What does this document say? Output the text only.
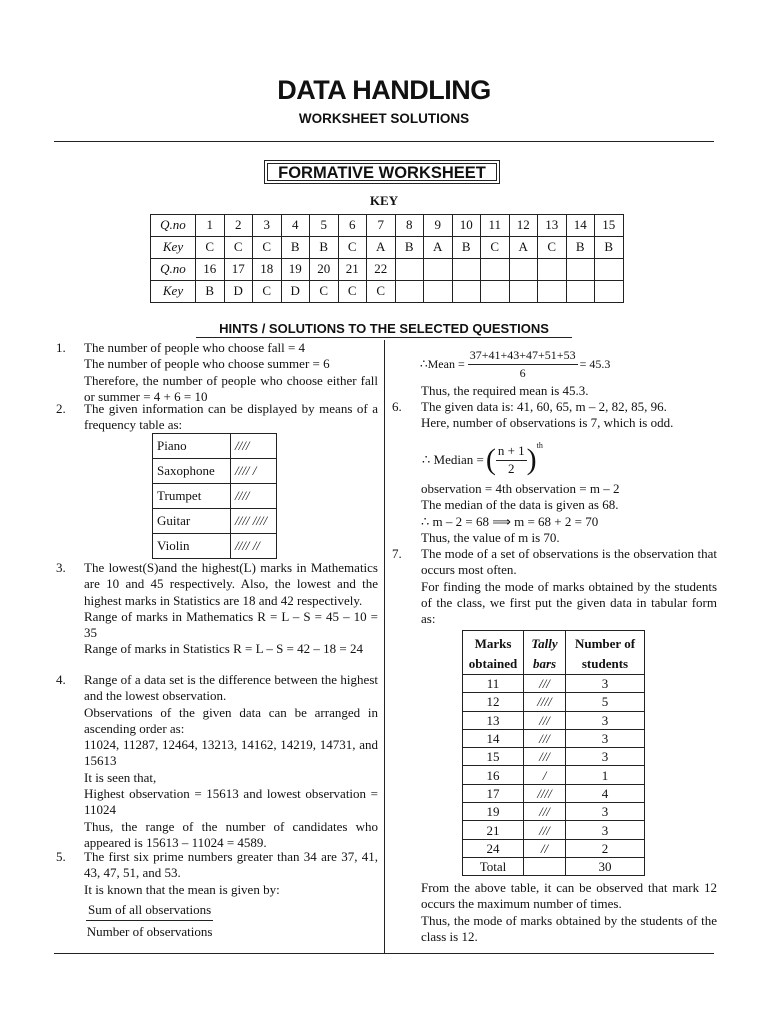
DATA HANDLING
WORKSHEET SOLUTIONS
FORMATIVE WORKSHEET
KEY
Q.no	1	2	3	4	5	6	7	8	9	10	11	12	13	14	15
Key	C	C	C	B	B	C	A	B	A	B	C	A	C	B	B
Q.no	16	17	18	19	20	21	22								
Key	B	D	C	D	C	C	C								
HINTS / SOLUTIONS TO THE SELECTED QUESTIONS
1. The number of people who choose fall = 4

The number of people who choose summer = 6

Therefore, the number of people who choose either fall or summer = 4 + 6 = 10

2. The given information can be displayed by means of a frequency table as:
Piano	////
Saxophone	//// /
Trumpet	////
Guitar	//// ////
Violin	//// //
3. The lowest(S)and the highest(L) marks in Mathematics are 10 and 45 respectively. Also, the lowest and the highest marks in Statistics are 18 and 42 respectively.

Range of marks in Mathematics R = L – S = 45 – 10 = 35

Range of marks in Statistics R = L – S = 42 – 18 = 24

4. Range of a data set is the difference between the highest and the lowest observation.

Observations of the given data can be arranged in ascending order as:

11024, 11287, 12464, 13213, 14162, 14219, 14731, and 15613

It is seen that,

Highest observation = 15613 and lowest observation = 11024

Thus, the range of the number of candidates who appeared is 15613 – 11024 = 4589.

5. The first six prime numbers greater than 34 are 37, 41, 43, 47, 51, and 53.

It is known that the mean is given by:

Sum of all observations
Number of observations
∴Mean = $\frac{37+41+43+47+51+53}{6} = 45.3$
Thus, the required mean is 45.3.
6. The given data is: 41, 60, 65, m – 2, 82, 85, 96.

Here, number of observations is 7, which is odd.

∴ Median = ( $\frac{n + 1}{2}$ ) th

observation = 4th observation = m – 2

The median of the data is given as 68.

∴ m – 2 = 68 ⟹ m = 68 + 2 = 70

Thus, the value of m is 70.

7. The mode of a set of observations is the observation that occurs most often.

For finding the mode of marks obtained by the students of the class, we first put the given data in tabular form as:

Marks obtained	Tally bars	Number of students
11	///	3
12	////	5
13	///	3
14	///	3
15	///	3
16	/	1
17	////	4
19	///	3
21	///	3
24	//	2
Total		30

From the above table, it can be observed that mark 12 occurs the maximum number of times.

Thus, the mode of marks obtained by the students of the class is 12.
